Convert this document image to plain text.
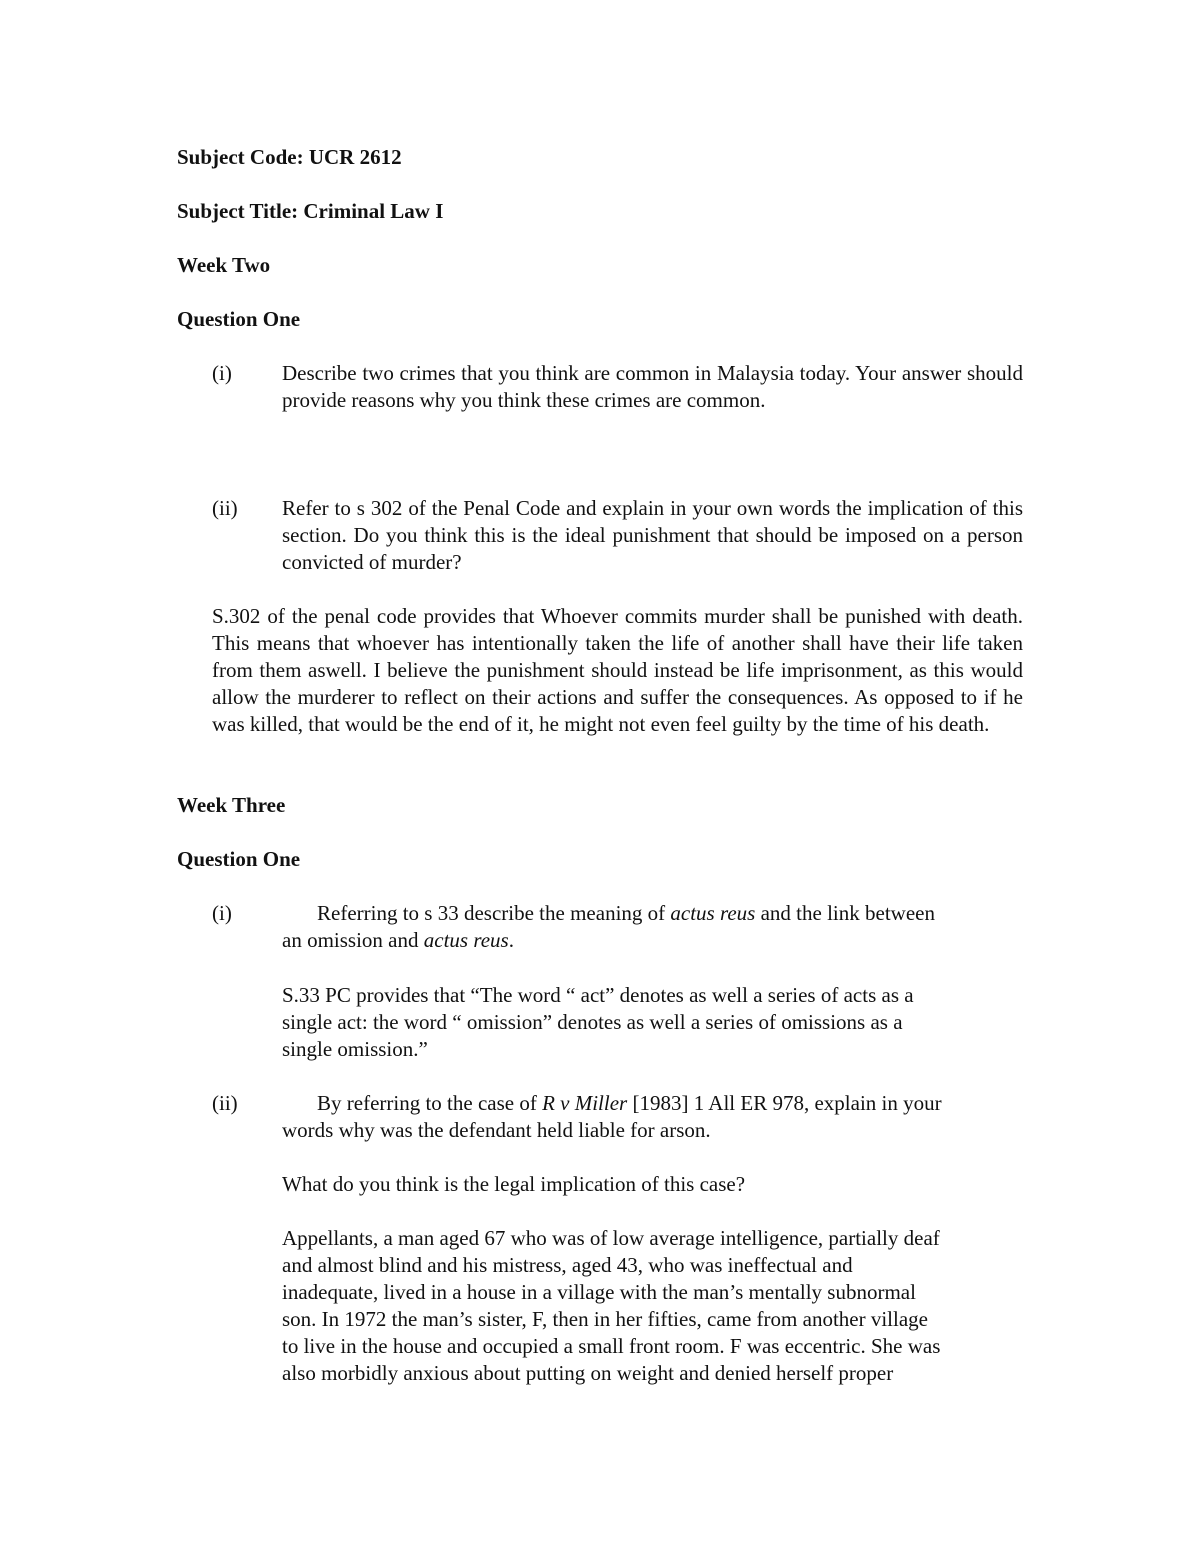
Subject Code: UCR 2612
Subject Title: Criminal Law I
Week Two
Question One
(i) Describe two crimes that you think are common in Malaysia today. Your answer should provide reasons why you think these crimes are common.
(ii) Refer to s 302 of the Penal Code and explain in your own words the implication of this section. Do you think this is the ideal punishment that should be imposed on a person convicted of murder?
S.302 of the penal code provides that Whoever commits murder shall be punished with death. This means that whoever has intentionally taken the life of another shall have their life taken from them aswell. I believe the punishment should instead be life imprisonment, as this would allow the murderer to reflect on their actions and suffer the consequences. As opposed to if he was killed, that would be the end of it, he might not even feel guilty by the time of his death.
Week Three
Question One
(i)	Referring to s 33 describe the meaning of actus reus and the link between
an omission and actus reus.
S.33 PC provides that “The word “ act” denotes as well a series of acts as a
single act: the word “ omission” denotes as well a series of omissions as a
single omission.”
(ii)	By referring to the case of R v Miller [1983] 1 All ER 978, explain in your
words why was the defendant held liable for arson.
What do you think is the legal implication of this case?
Appellants, a man aged 67 who was of low average intelligence, partially deaf
and almost blind and his mistress, aged 43, who was ineffectual and
inadequate, lived in a house in a village with the man’s mentally subnormal
son. In 1972 the man’s sister, F, then in her fifties, came from another village
to live in the house and occupied a small front room. F was eccentric. She was
also morbidly anxious about putting on weight and denied herself proper
